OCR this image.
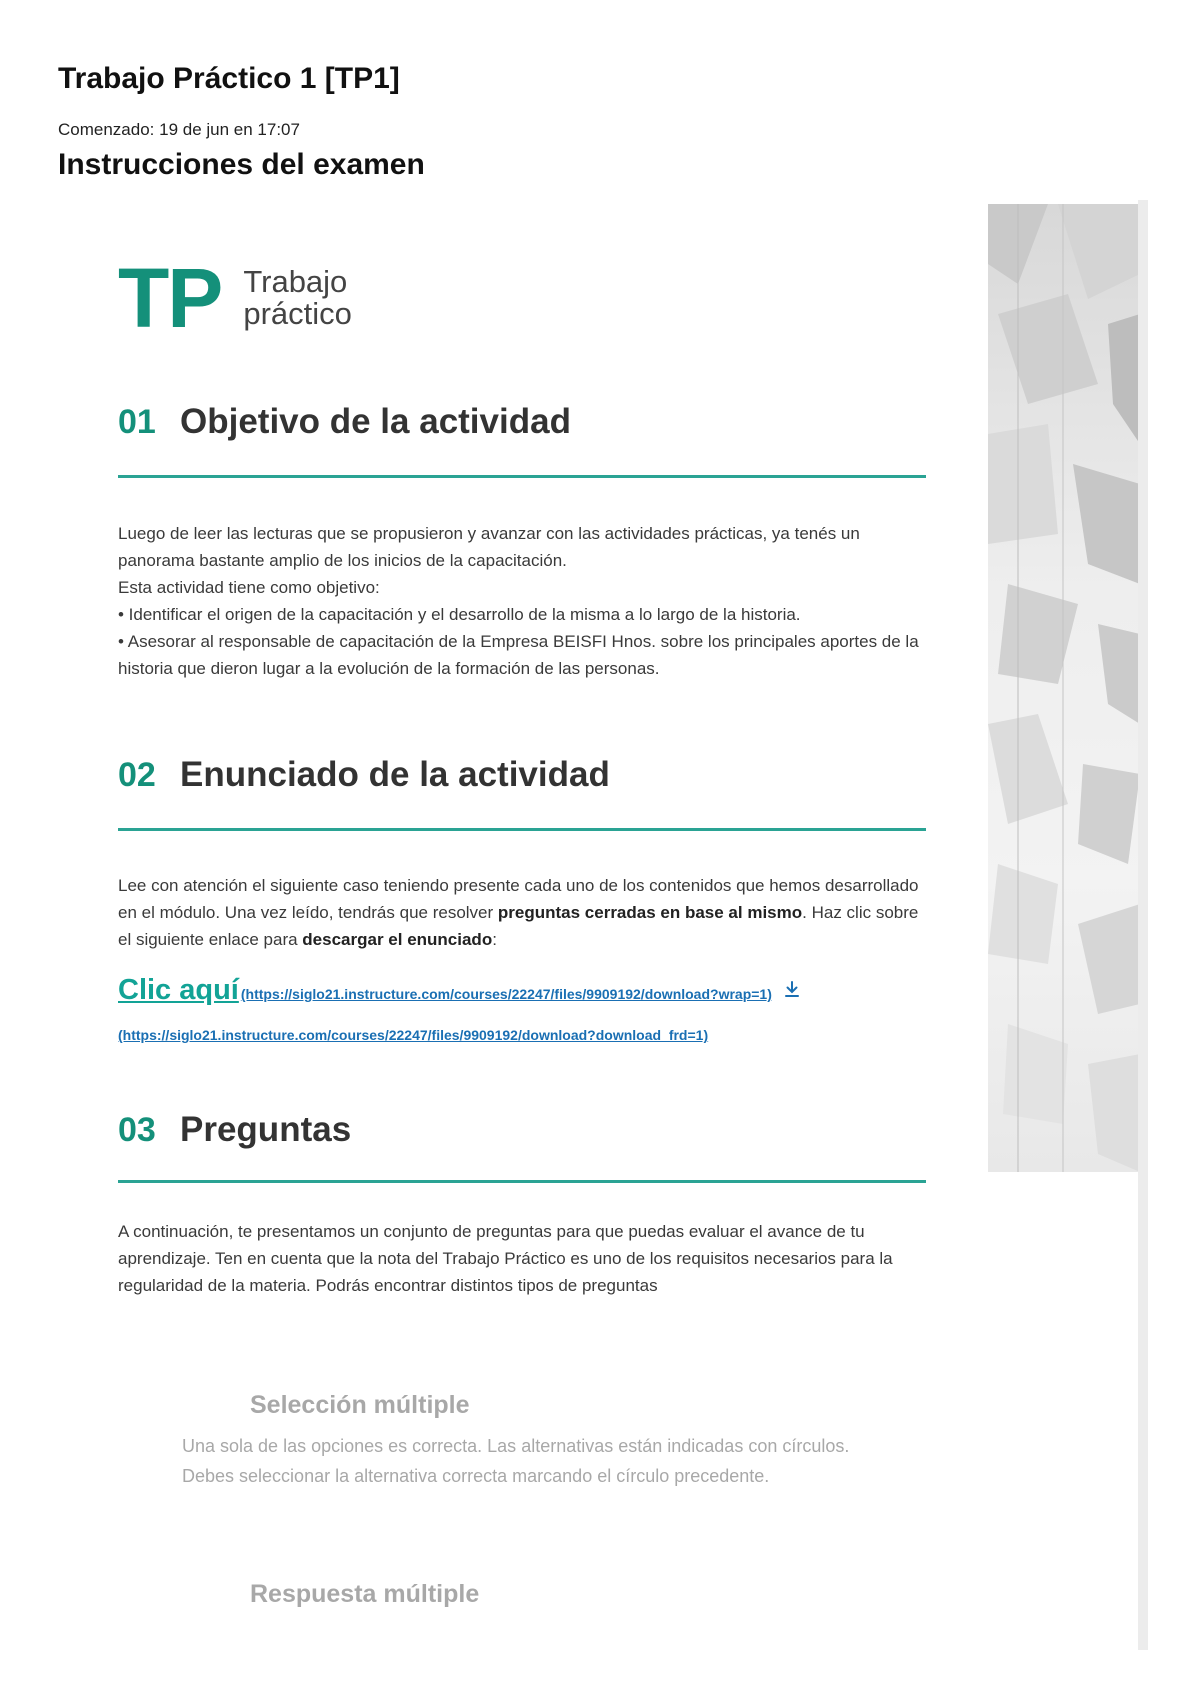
Trabajo Práctico 1 [TP1]
Comenzado: 19 de jun en 17:07
Instrucciones del examen
TP Trabajo
práctico
01 Objetivo de la actividad

Luego de leer las lecturas que se propusieron y avanzar con las actividades prácticas, ya tenés un panorama bastante amplio de los inicios de la capacitación.

Esta actividad tiene como objetivo:

• Identificar el origen de la capacitación y el desarrollo de la misma a lo largo de la historia.

• Asesorar al responsable de capacitación de la Empresa BEISFI Hnos. sobre los principales aportes de la historia que dieron lugar a la evolución de la formación de las personas.

02 Enunciado de la actividad

Lee con atención el siguiente caso teniendo presente cada uno de los contenidos que hemos desarrollado en el módulo. Una vez leído, tendrás que resolver preguntas cerradas en base al mismo. Haz clic sobre el siguiente enlace para descargar el enunciado:

Clic aquí (https://siglo21.instructure.com/courses/22247/files/9909192/download?wrap=1)
(https://siglo21.instructure.com/courses/22247/files/9909192/download?download_frd=1)
03 Preguntas

A continuación, te presentamos un conjunto de preguntas para que puedas evaluar el avance de tu aprendizaje. Ten en cuenta que la nota del Trabajo Práctico es uno de los requisitos necesarios para la regularidad de la materia. Podrás encontrar distintos tipos de preguntas

Selección múltiple
Una sola de las opciones es correcta. Las alternativas están indicadas con círculos. Debes seleccionar la alternativa correcta marcando el círculo precedente.
Respuesta múltiple
